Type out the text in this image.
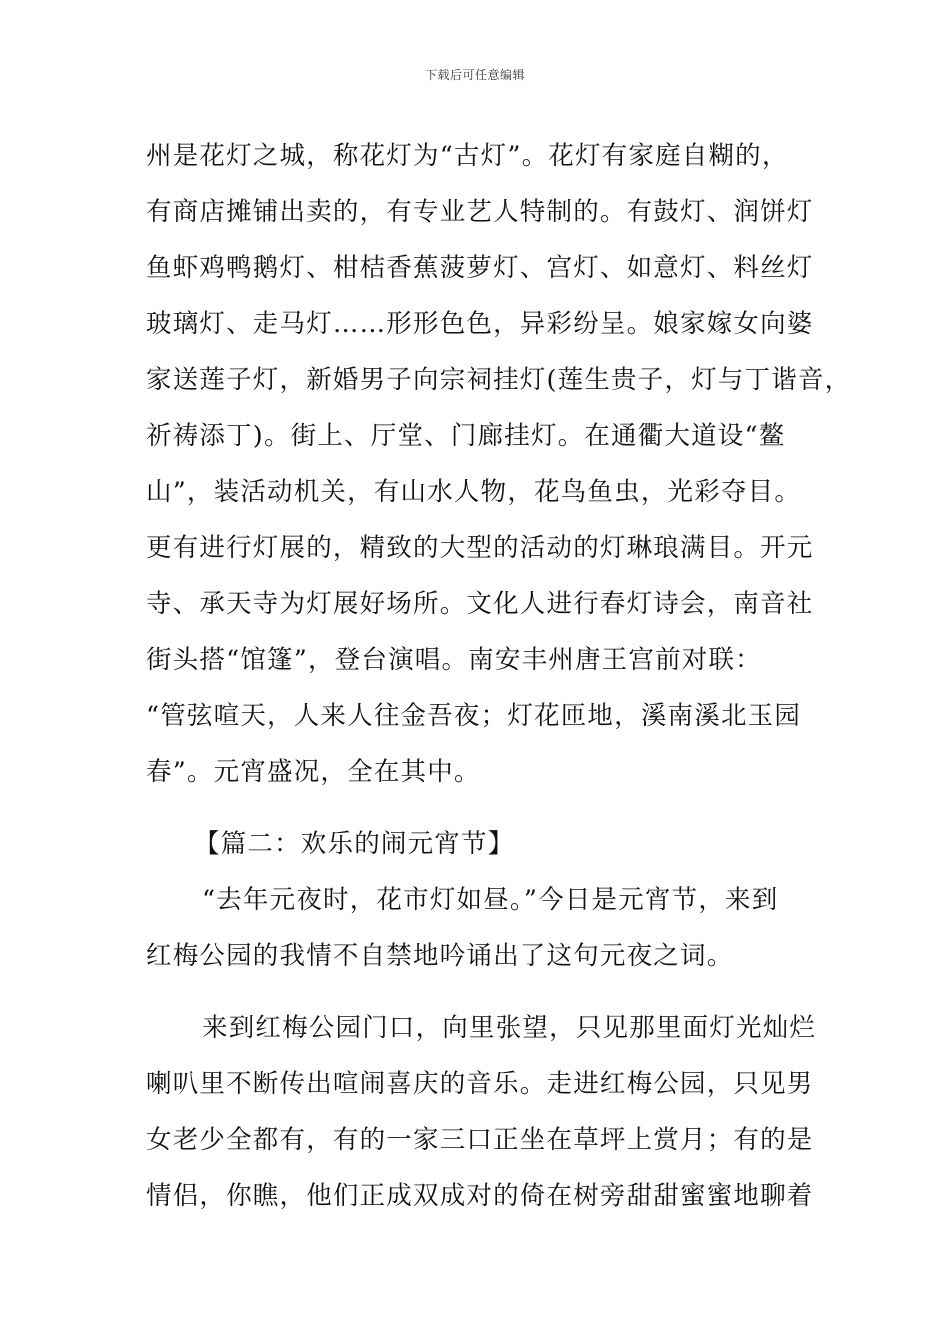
下载后可任意编辑
州是花灯之城，称花灯为“古灯”。花灯有家庭自糊的，
有商店摊铺出卖的，有专业艺人特制的。有鼓灯、润饼灯
鱼虾鸡鸭鹅灯、柑桔香蕉菠萝灯、宫灯、如意灯、料丝灯
玻璃灯、走马灯……形形色色，异彩纷呈。娘家嫁女向婆
家送莲子灯，新婚男子向宗祠挂灯(莲生贵子，灯与丁谐音，
祈祷添丁)。街上、厅堂、门廊挂灯。在通衢大道设“鳌
山”，装活动机关，有山水人物，花鸟鱼虫，光彩夺目。
更有进行灯展的，精致的大型的活动的灯琳琅满目。开元
寺、承天寺为灯展好场所。文化人进行春灯诗会，南音社
街头搭“馆篷”，登台演唱。南安丰州唐王宫前对联：
“管弦喧天，人来人往金吾夜；灯花匝地，溪南溪北玉园
春”。元宵盛况，全在其中。
【篇二：欢乐的闹元宵节】
“去年元夜时，花市灯如昼。”今日是元宵节，来到
红梅公园的我情不自禁地吟诵出了这句元夜之词。
来到红梅公园门口，向里张望，只见那里面灯光灿烂
喇叭里不断传出喧闹喜庆的音乐。走进红梅公园，只见男
女老少全都有，有的一家三口正坐在草坪上赏月；有的是
情侣，你瞧，他们正成双成对的倚在树旁甜甜蜜蜜地聊着
